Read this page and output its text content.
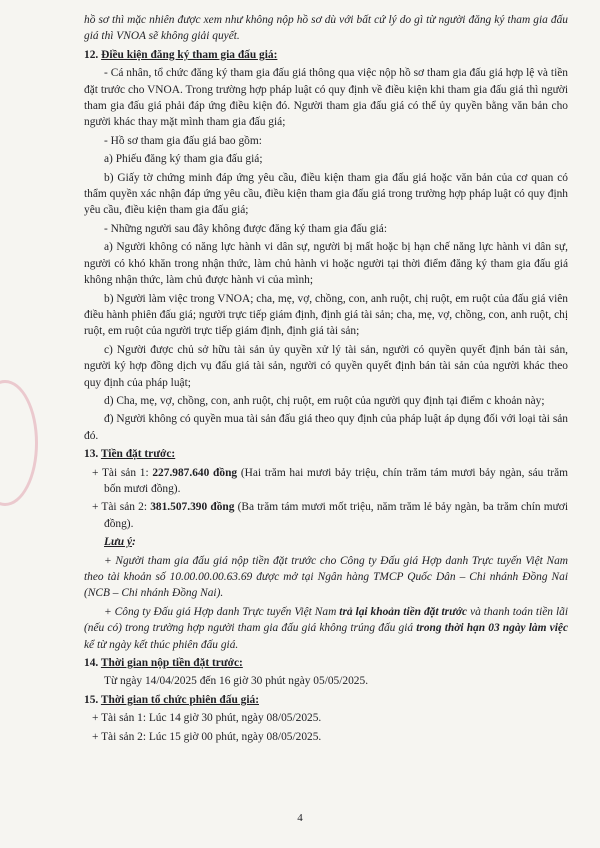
hồ sơ thì mặc nhiên được xem như không nộp hồ sơ dù với bất cứ lý do gì từ người đăng ký tham gia đấu giá thì VNOA sẽ không giải quyết.

12. Điều kiện đăng ký tham gia đấu giá:

- Cá nhân, tổ chức đăng ký tham gia đấu giá thông qua việc nộp hồ sơ tham gia đấu giá hợp lệ và tiền đặt trước cho VNOA. Trong trường hợp pháp luật có quy định về điều kiện khi tham gia đấu giá thì người tham gia đấu giá phải đáp ứng điều kiện đó. Người tham gia đấu giá có thể ủy quyền bằng văn bản cho người khác thay mặt mình tham gia đấu giá;

- Hồ sơ tham gia đấu giá bao gồm:

a) Phiếu đăng ký tham gia đấu giá;

b) Giấy tờ chứng minh đáp ứng yêu cầu, điều kiện tham gia đấu giá hoặc văn bản của cơ quan có thẩm quyền xác nhận đáp ứng yêu cầu, điều kiện tham gia đấu giá trong trường hợp pháp luật có quy định yêu cầu, điều kiện tham gia đấu giá;

- Những người sau đây không được đăng ký tham gia đấu giá:

a) Người không có năng lực hành vi dân sự, người bị mất hoặc bị hạn chế năng lực hành vi dân sự, người có khó khăn trong nhận thức, làm chủ hành vi hoặc người tại thời điểm đăng ký tham gia đấu giá không nhận thức, làm chủ được hành vi của mình;

b) Người làm việc trong VNOA; cha, mẹ, vợ, chồng, con, anh ruột, chị ruột, em ruột của đấu giá viên điều hành phiên đấu giá; người trực tiếp giám định, định giá tài sản; cha, mẹ, vợ, chồng, con, anh ruột, chị ruột, em ruột của người trực tiếp giám định, định giá tài sản;

c) Người được chủ sở hữu tài sản ủy quyền xử lý tài sản, người có quyền quyết định bán tài sản, người ký hợp đồng dịch vụ đấu giá tài sản, người có quyền quyết định bán tài sản của người khác theo quy định của pháp luật;

d) Cha, mẹ, vợ, chồng, con, anh ruột, chị ruột, em ruột của người quy định tại điểm c khoản này;

đ) Người không có quyền mua tài sản đấu giá theo quy định của pháp luật áp dụng đối với loại tài sản đó.

13. Tiền đặt trước:

+ Tài sản 1: 227.987.640 đồng (Hai trăm hai mươi bảy triệu, chín trăm tám mươi bảy ngàn, sáu trăm bốn mươi đồng).

+ Tài sản 2: 381.507.390 đồng (Ba trăm tám mươi mốt triệu, năm trăm lẻ bảy ngàn, ba trăm chín mươi đồng).

Lưu ý:

+ Người tham gia đấu giá nộp tiền đặt trước cho Công ty Đấu giá Hợp danh Trực tuyến Việt Nam theo tài khoản số 10.00.00.00.63.69 được mở tại Ngân hàng TMCP Quốc Dân – Chi nhánh Đồng Nai (NCB – Chi nhánh Đồng Nai).

+ Công ty Đấu giá Hợp danh Trực tuyến Việt Nam trả lại khoản tiền đặt trước và thanh toán tiền lãi (nếu có) trong trường hợp người tham gia đấu giá không trúng đấu giá trong thời hạn 03 ngày làm việc kể từ ngày kết thúc phiên đấu giá.

14. Thời gian nộp tiền đặt trước:

Từ ngày 14/04/2025 đến 16 giờ 30 phút ngày 05/05/2025.

15. Thời gian tổ chức phiên đấu giá:

+ Tài sản 1: Lúc 14 giờ 30 phút, ngày 08/05/2025.

+ Tài sản 2: Lúc 15 giờ 00 phút, ngày 08/05/2025.

4
